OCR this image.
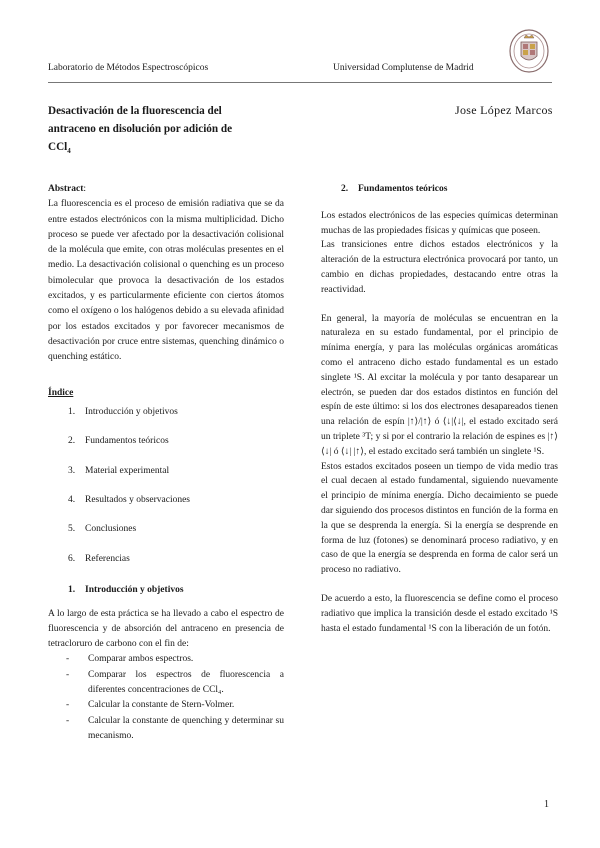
Laboratorio de Métodos Espectroscópicos	Universidad Complutense de Madrid
Desactivación de la fluorescencia del antraceno en disolución por adición de CCl$_4$
Jose López Marcos
Abstract:

La fluorescencia es el proceso de emisión radiativa que se da entre estados electrónicos con la misma multiplicidad. Dicho proceso se puede ver afectado por la desactivación colisional de la molécula que emite, con otras moléculas presentes en el medio. La desactivación colisional o quenching es un proceso bimolecular que provoca la desactivación de los estados excitados, y es particularmente eficiente con ciertos átomos como el oxígeno o los halógenos debido a su elevada afinidad por los estados excitados y por favorecer mecanismos de desactivación por cruce entre sistemas, quenching dinámico o quenching estático.

Índice
1.	Introducción y objetivos
2.	Fundamentos teóricos
3.	Material experimental
4.	Resultados y observaciones
5.	Conclusiones
6.	Referencias
1. Introducción y objetivos

A lo largo de esta práctica se ha llevado a cabo el espectro de fluorescencia y de absorción del antraceno en presencia de tetracloruro de carbono con el fin de:

-	Comparar ambos espectros.
-	Comparar los espectros de fluorescencia a diferentes concentraciones de CCl₄.
-	Calcular la constante de Stern-Volmer.
-	Calcular la constante de quenching y determinar su mecanismo.
2. Fundamentos teóricos

Los estados electrónicos de las especies químicas determinan muchas de las propiedades físicas y químicas que poseen.

Las transiciones entre dichos estados electrónicos y la alteración de la estructura electrónica provocará por tanto, un cambio en dichas propiedades, destacando entre otras la reactividad.

En general, la mayoría de moléculas se encuentran en la naturaleza en su estado fundamental, por el principio de mínima energía, y para las moléculas orgánicas aromáticas como el antraceno dicho estado fundamental es un estado singlete ¹S. Al excitar la molécula y por tanto desaparear un electrón, se pueden dar dos estados distintos en función del espín de este último: si los dos electrones desapareados tienen una relación de espín |↑⟩/|↑⟩ ó ⟨↓|⟨↓|, el estado excitado será un triplete ³T; y si por el contrario la relación de espines es |↑⟩ ⟨↓| ó ⟨↓| |↑⟩, el estado excitado será también un singlete ¹S.

Estos estados excitados poseen un tiempo de vida medio tras el cual decaen al estado fundamental, siguiendo nuevamente el principio de mínima energía. Dicho decaimiento se puede dar siguiendo dos procesos distintos en función de la forma en la que se desprenda la energía. Si la energía se desprende en forma de luz (fotones) se denominará proceso radiativo, y en caso de que la energía se desprenda en forma de calor será un proceso no radiativo.

De acuerdo a esto, la fluorescencia se define como el proceso radiativo que implica la transición desde el estado excitado ¹S hasta el estado fundamental ¹S con la liberación de un fotón.

1
